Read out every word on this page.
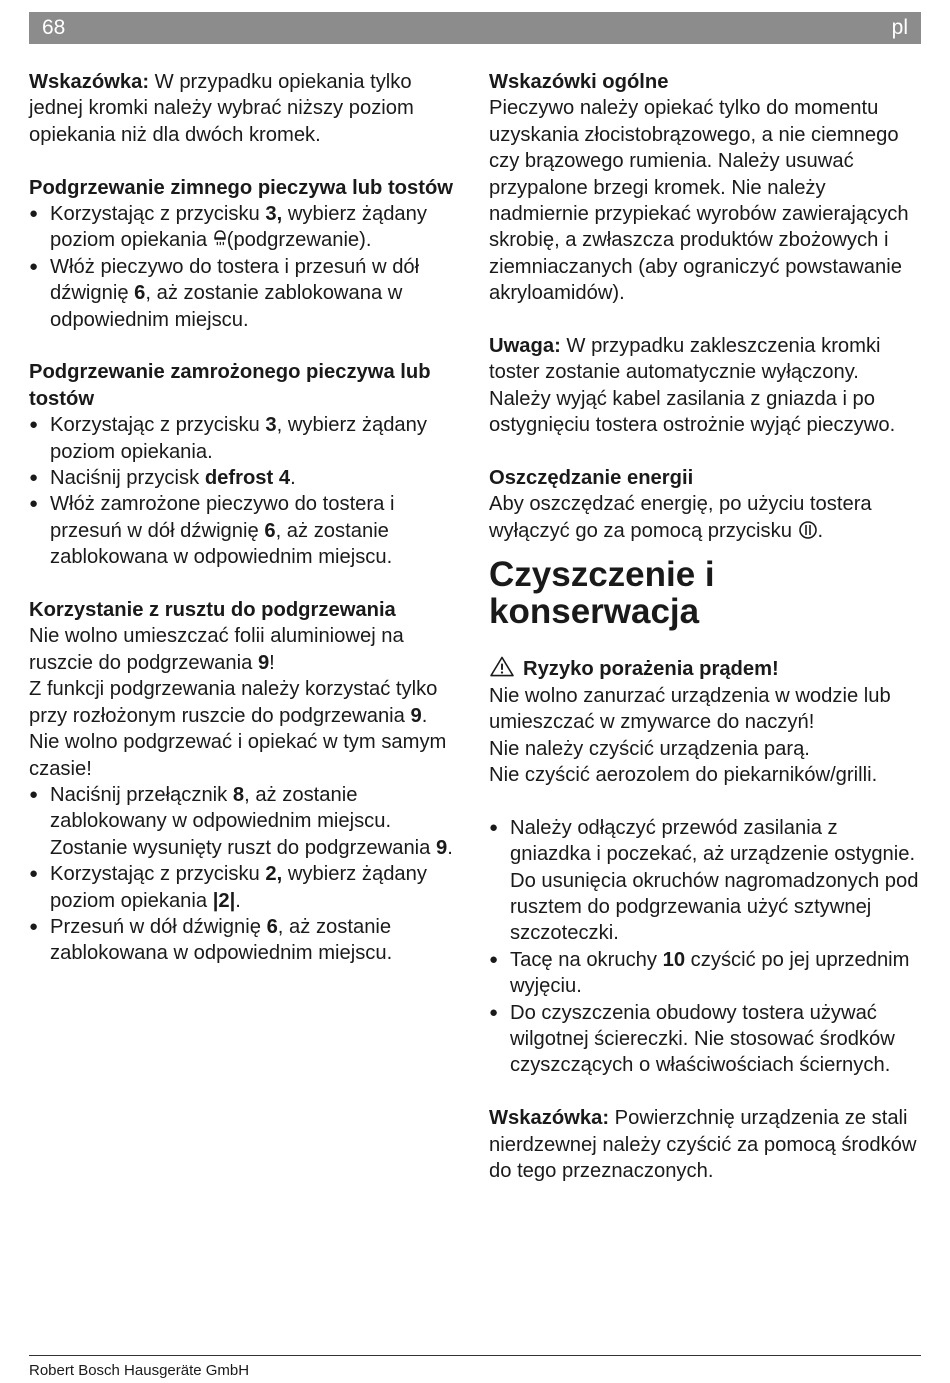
68	pl

Wskazówka: W przypadku opiekania tylko jednej kromki należy wybrać niższy poziom opiekania niż dla dwóch kromek.

Podgrzewanie zimnego pieczywa lub tostów

● Korzystając z przycisku 3, wybierz żądany poziom opiekania (podgrzewanie).
● Włóż pieczywo do tostera i przesuń w dół dźwignię 6, aż zostanie zablokowana w odpowiednim miejscu.

Podgrzewanie zamrożonego pieczywa lub tostów

● Korzystając z przycisku 3, wybierz żądany poziom opiekania.
● Naciśnij przycisk defrost 4.
● Włóż zamrożone pieczywo do tostera i przesuń w dół dźwignię 6, aż zostanie zablokowana w odpowiednim miejscu.

Korzystanie z rusztu do podgrzewania

Nie wolno umieszczać folii aluminiowej na ruszcie do podgrzewania 9!

Z funkcji podgrzewania należy korzystać tylko przy rozłożonym ruszcie do podgrzewania 9.

Nie wolno podgrzewać i opiekać w tym samym czasie!

● Naciśnij przełącznik 8, aż zostanie zablokowany w odpowiednim miejscu. Zostanie wysunięty ruszt do podgrzewania 9.
● Korzystając z przycisku 2, wybierz żądany poziom opiekania |2|.
● Przesuń w dół dźwignię 6, aż zostanie zablokowana w odpowiednim miejscu.

Wskazówki ogólne

Pieczywo należy opiekać tylko do momentu uzyskania złocistobrązowego, a nie ciemnego czy brązowego rumienia. Należy usuwać przypalone brzegi kromek. Nie należy nadmiernie przypiekać wyrobów zawierających skrobię, a zwłaszcza produktów zbożowych i ziemniaczanych (aby ograniczyć powstawanie akryloamidów).

Uwaga: W przypadku zakleszczenia kromki toster zostanie automatycznie wyłączony. Należy wyjąć kabel zasilania z gniazda i po ostygnięciu tostera ostrożnie wyjąć pieczywo.

Oszczędzanie energii

Aby oszczędzać energię, po użyciu tostera wyłączyć go za pomocą przycisku .

Czyszczenie i konserwacja

Ryzyko porażenia prądem!

Nie wolno zanurzać urządzenia w wodzie lub umieszczać w zmywarce do naczyń!

Nie należy czyścić urządzenia parą.

Nie czyścić aerozolem do piekarników/grilli.

● Należy odłączyć przewód zasilania z gniazdka i poczekać, aż urządzenie ostygnie. Do usunięcia okruchów nagromadzonych pod rusztem do podgrzewania użyć sztywnej szczoteczki.
● Tacę na okruchy 10 czyścić po jej uprzednim wyjęciu.
● Do czyszczenia obudowy tostera używać wilgotnej ściereczki. Nie stosować środków czyszczących o właściwościach ściernych.

Wskazówka: Powierzchnię urządzenia ze stali nierdzewnej należy czyścić za pomocą środków do tego przeznaczonych.

Robert Bosch Hausgeräte GmbH
